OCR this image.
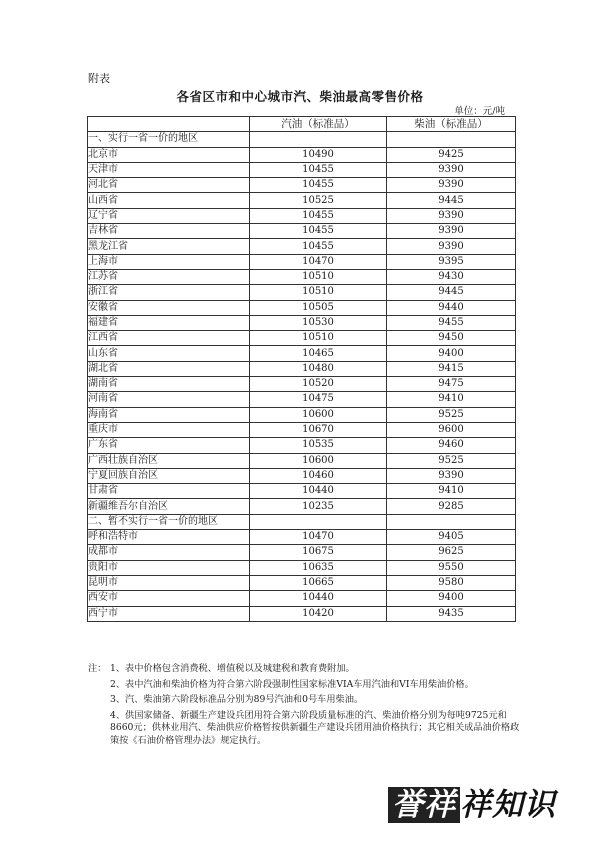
附表
各省区市和中心城市汽、柴油最高零售价格
单位：元/吨
	汽油（标准品）	柴油（标准品）
一、实行一省一价的地区		
北京市	10490	9425
天津市	10455	9390
河北省	10455	9390
山西省	10525	9445
辽宁省	10455	9390
吉林省	10455	9390
黑龙江省	10455	9390
上海市	10470	9395
江苏省	10510	9430
浙江省	10510	9445
安徽省	10505	9440
福建省	10530	9455
江西省	10510	9450
山东省	10465	9400
湖北省	10480	9415
湖南省	10520	9475
河南省	10475	9410
海南省	10600	9525
重庆市	10670	9600
广东省	10535	9460
广西壮族自治区	10600	9525
宁夏回族自治区	10460	9390
甘肃省	10440	9410
新疆维吾尔自治区	10235	9285
二、暂不实行一省一价的地区		
呼和浩特市	10470	9405
成都市	10675	9625
贵阳市	10635	9550
昆明市	10665	9580
西安市	10440	9400
西宁市	10420	9435

注： 1、表中价格包含消费税、增值税以及城建税和教育费附加。

2、表中汽油和柴油价格为符合第六阶段强制性国家标准VIA车用汽油和VI车用柴油价格。

3、汽、柴油第六阶段标准品分别为89号汽油和0号车用柴油。

4、供国家储备、新疆生产建设兵团用符合第六阶段质量标准的汽、柴油价格分别为每吨9725元和8660元；供林业用汽、柴油供应价格暂按供新疆生产建设兵团用油价格执行；其它相关成品油价格政策按《石油价格管理办法》规定执行。

誉祥 祥知识
